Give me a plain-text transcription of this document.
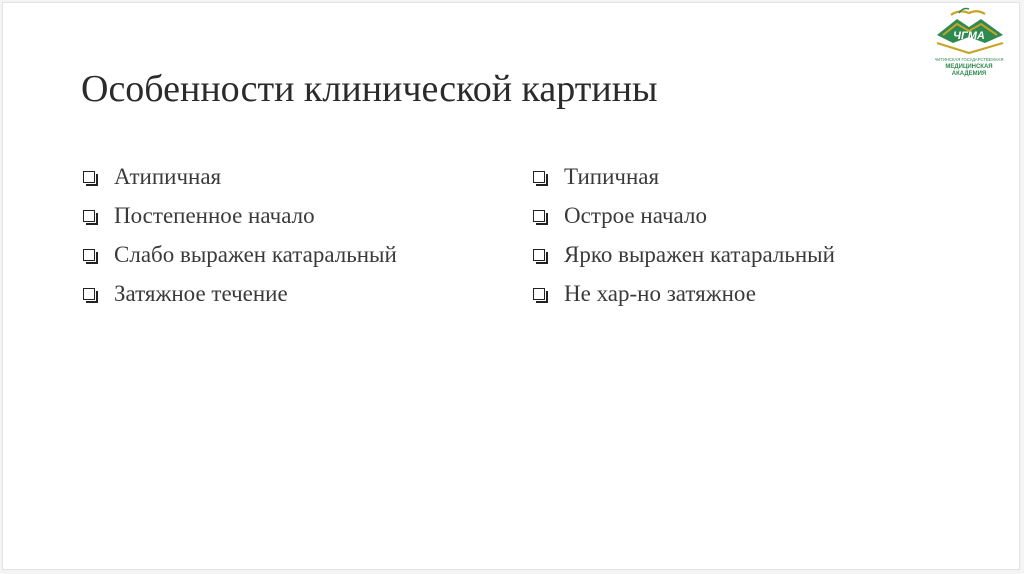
Особенности клинической картины
Атипичная
Постепенное начало
Слабо выражен катаральный
Затяжное течение
Типичная
Острое начало
Ярко выражен катаральный
Не хар-но затяжное
ЧГМА
ЧИТИНСКАЯ ГОСУДАРСТВЕННАЯ
МЕДИЦИНСКАЯ
АКАДЕМИЯ
